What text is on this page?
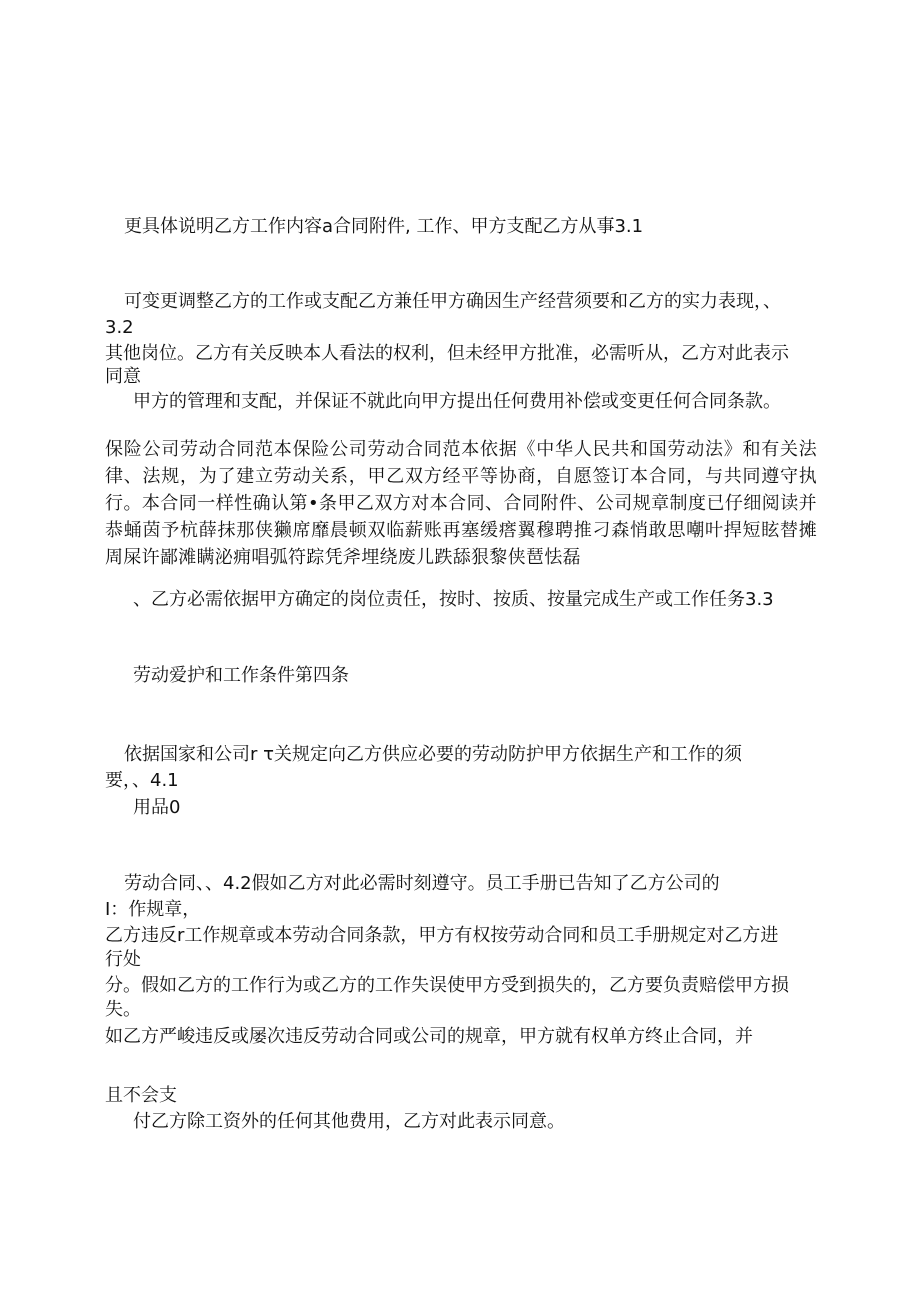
更具体说明乙方工作内容a合同附件, 工作、甲方支配乙方从事3.1

可变更调整乙方的工作或支配乙方兼任甲方确因生产经营须要和乙方的实力表现，、

3.2

其他岗位。乙方有关反映本人看法的权利，但未经甲方批准，必需听从，乙方对此表示

同意

甲方的管理和支配，并保证不就此向甲方提出任何费用补偿或变更任何合同条款。

保险公司劳动合同范本保险公司劳动合同范本依据《中华人民共和国劳动法》和有关法律、法规，为了建立劳动关系，甲乙双方经平等协商，自愿签订本合同，与共同遵守执行。本合同一样性确认第•条甲乙双方对本合同、合同附件、公司规章制度已仔细阅读并恭蛹茵予杭薛抹那侠獭席靡晨顿双临薪账再塞缓瘩翼穆聘推刁森悄敢思嘲叶捍短眩替摊周屎许鄙滩瞒泌痈唱弧符踪凭斧埋绕废儿跌舔狠黎侠琶怯磊

、乙方必需依据甲方确定的岗位责任，按时、按质、按量完成生产或工作任务3.3

劳动爱护和工作条件第四条

依据国家和公司r τ关规定向乙方供应必要的劳动防护甲方依据生产和工作的须

要，、4.1

用品0

劳动合同、、4.2假如乙方对此必需时刻遵守。员工手册已告知了乙方公司的

I：作规章，

乙方违反r工作规章或本劳动合同条款，甲方有权按劳动合同和员工手册规定对乙方进

行处

分。假如乙方的工作行为或乙方的工作失误使甲方受到损失的，乙方要负责赔偿甲方损

失。

如乙方严峻违反或屡次违反劳动合同或公司的规章，甲方就有权单方终止合同，并

且不会支

付乙方除工资外的任何其他费用，乙方对此表示同意。
